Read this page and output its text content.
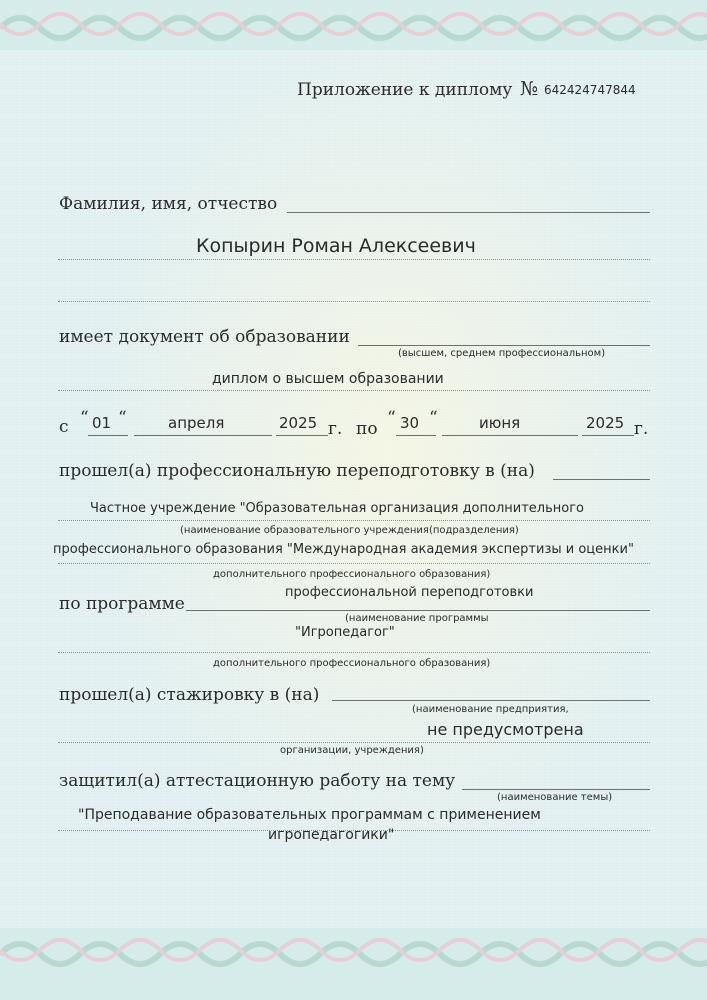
Приложение к диплому № 642424747844
Фамилия, имя, отчество
Копырин Роман Алексеевич
имеет документ об образовании
(высшем, среднем профессиональном)
диплом о высшем образовании
с “ 01 “	апреля	2025 г. по
“ 30 “	июня	2025 г.
прошел(а) профессиональную переподготовку в (на)
Частное учреждение "Образовательная организация дополнительного
(наименование образовательного учреждения(подразделения)
профессионального образования "Международная академия экспертизы и оценки"
дополнительного профессионального образования)
по программе
профессиональной переподготовки
(наименование программы
"Игропедагог"
дополнительного профессионального образования)
прошел(а) стажировку в (на)
(наименование предприятия,
не предусмотрена
организации, учреждения)
защитил(а) аттестационную работу на тему
(наименование темы)
"Преподавание образовательных программам с применением
игропедагогики"
